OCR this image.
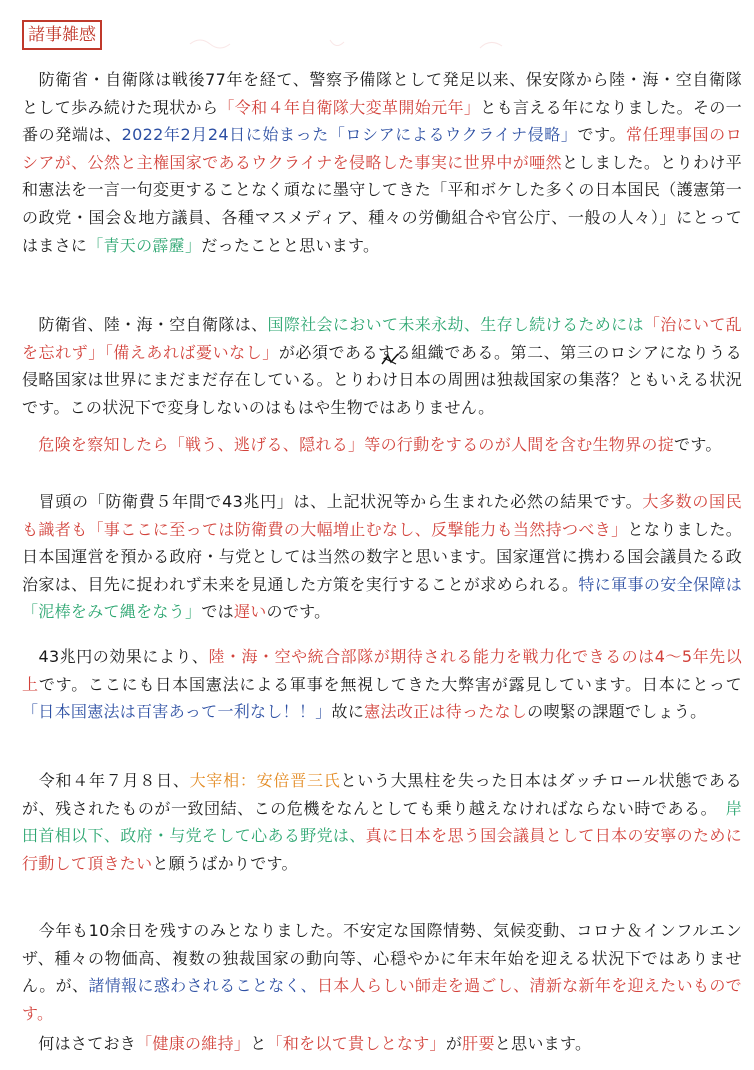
諸事雑感

　防衛省・自衛隊は戦後77年を経て、警察予備隊として発足以来、保安隊から陸・海・空自衛隊として歩み続けた現状から「令和４年自衛隊大変革開始元年」とも言える年になりました。その一番の発端は、2022年2月24日に始まった「ロシアによるウクライナ侵略」です。常任理事国のロシアが、公然と主権国家であるウクライナを侵略した事実に世界中が唖然としました。とりわけ平和憲法を一言一句変更することなく頑なに墨守してきた「平和ボケした多くの日本国民（護憲第一の政党・国会＆地方議員、各種マスメディア、種々の労働組合や官公庁、一般の人々）」にとってはまさに「青天の霹靂」だったことと思います。

　防衛省、陸・海・空自衛隊は、国際社会において未来永劫、生存し続けるためには「治にいて乱を忘れず」「備えあれば憂いなし」が必須であるする組織である。第二、第三のロシアになりうる侵略国家は世界にまだまだ存在している。とりわけ日本の周囲は独裁国家の集落？ともいえる状況です。この状況下で変身しないのはもはや生物ではありません。

　危険を察知したら「戦う、逃げる、隠れる」等の行動をするのが人間を含む生物界の掟です。

　冒頭の「防衛費５年間で43兆円」は、上記状況等から生まれた必然の結果です。大多数の国民も識者も「事ここに至っては防衛費の大幅増止むなし、反撃能力も当然持つべき」となりました。日本国運営を預かる政府・与党としては当然の数字と思います。国家運営に携わる国会議員たる政治家は、目先に捉われず未来を見通した方策を実行することが求められる。特に軍事の安全保障は「泥棒をみて縄をなう」では遅いのです。

　43兆円の効果により、陸・海・空や統合部隊が期待される能力を戦力化できるのは4～5年先以上です。ここにも日本国憲法による軍事を無視してきた大弊害が露見しています。日本にとって「日本国憲法は百害あって一利なし！！」故に憲法改正は待ったなしの喫緊の課題でしょう。

　令和４年７月８日、大宰相：安倍晋三氏という大黒柱を失った日本はダッチロール状態であるが、残されたものが一致団結、この危機をなんとしても乗り越えなければならない時である。　岸田首相以下、政府・与党そして心ある野党は、真に日本を思う国会議員として日本の安寧のために行動して頂きたいと願うばかりです。

　今年も10余日を残すのみとなりました。不安定な国際情勢、気候変動、コロナ＆インフルエンザ、種々の物価高、複数の独裁国家の動向等、心穏やかに年末年始を迎える状況下ではありません。が、諸情報に惑わされることなく、日本人らしい師走を過ごし、清新な新年を迎えたいものです。

　何はさておき「健康の維持」と「和を以て貴しとなす」が肝要と思います。
